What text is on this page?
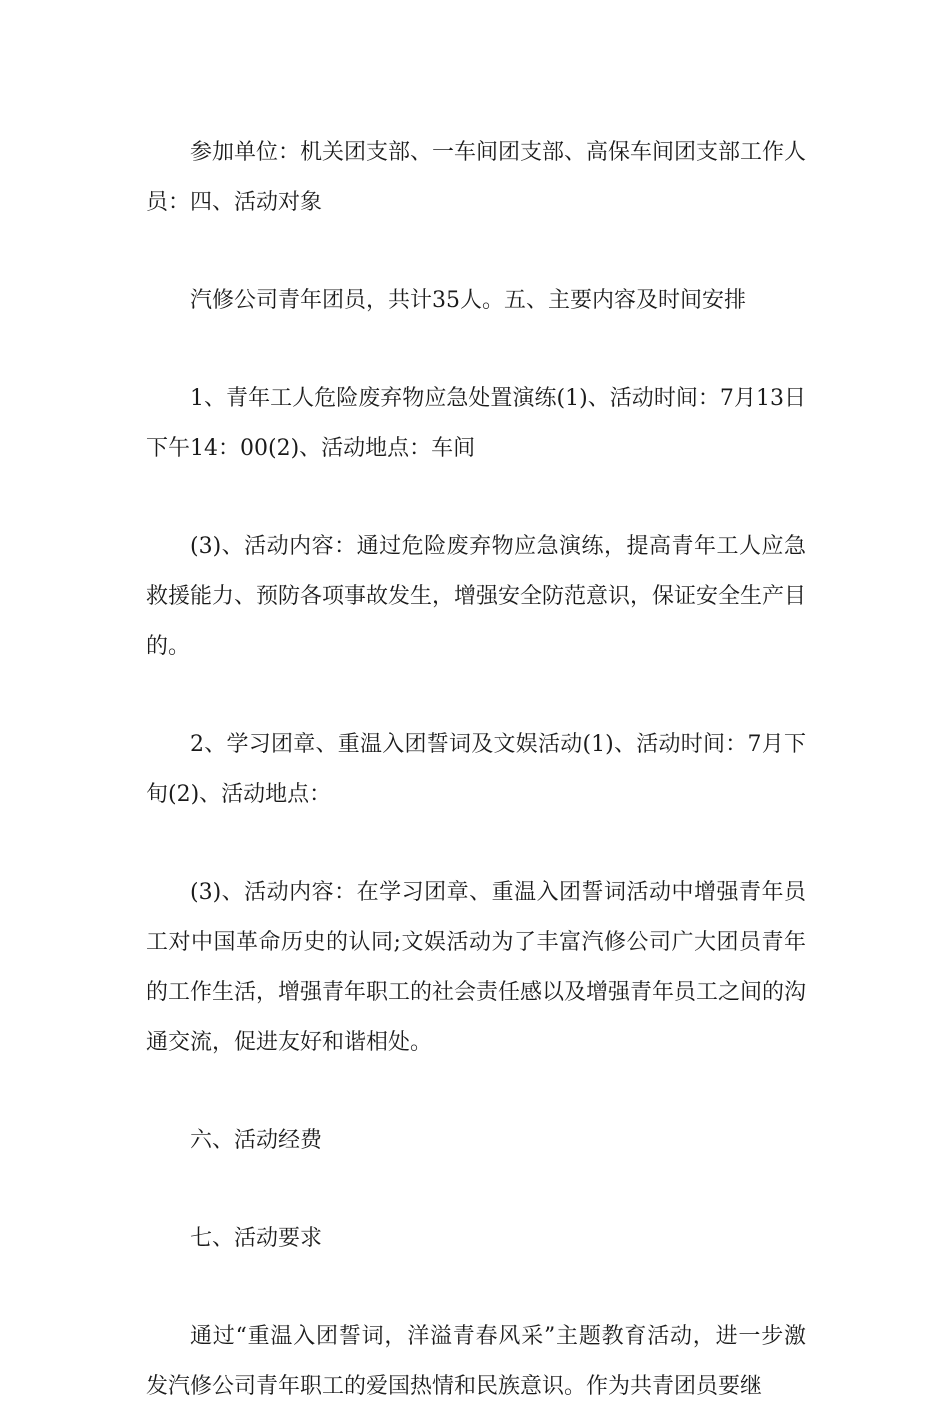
参加单位：机关团支部、一车间团支部、高保车间团支部工作人员：四、活动对象

汽修公司青年团员，共计35人。五、主要内容及时间安排

1、青年工人危险废弃物应急处置演练(1)、活动时间：7月13日下午14：00(2)、活动地点：车间

(3)、活动内容：通过危险废弃物应急演练，提高青年工人应急救援能力、预防各项事故发生，增强安全防范意识，保证安全生产目的。

2、学习团章、重温入团誓词及文娱活动(1)、活动时间：7月下旬(2)、活动地点：

(3)、活动内容：在学习团章、重温入团誓词活动中增强青年员工对中国革命历史的认同;文娱活动为了丰富汽修公司广大团员青年的工作生活，增强青年职工的社会责任感以及增强青年员工之间的沟通交流，促进友好和谐相处。

六、活动经费

七、活动要求

通过“重温入团誓词，洋溢青春风采”主题教育活动，进一步激发汽修公司青年职工的爱国热情和民族意识。作为共青团员要继
